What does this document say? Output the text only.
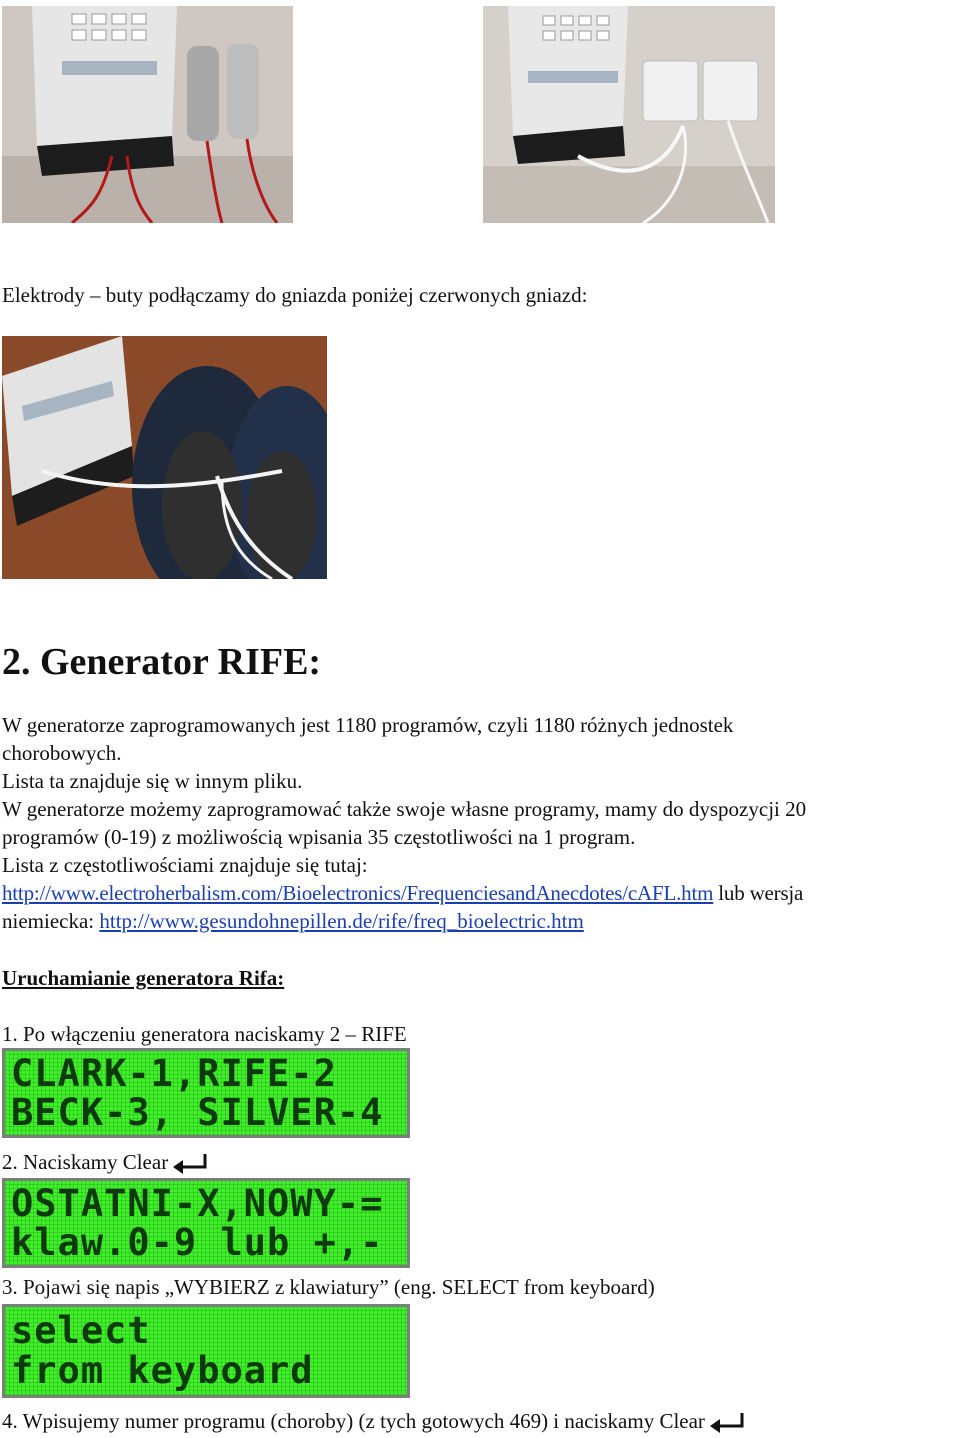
Elektrody – buty podłączamy do gniazda poniżej czerwonych gniazd:
2. Generator RIFE:
W generatorze zaprogramowanych jest 1180 programów, czyli 1180 różnych jednostek
chorobowych.
Lista ta znajduje się w innym pliku.
W generatorze możemy zaprogramować także swoje własne programy, mamy do dyspozycji 20
programów (0-19) z możliwością wpisania 35 częstotliwości na 1 program.
Lista z częstotliwościami znajduje się tutaj:
http://www.electroherbalism.com/Bioelectronics/FrequenciesandAnecdotes/cAFL.htm lub wersja
niemiecka: http://www.gesundohnepillen.de/rife/freq_bioelectric.htm
Uruchamianie generatora Rifa:
1. Po włączeniu generatora naciskamy 2 – RIFE
CLARK-1,RIFE-2
BECK-3, SILVER-4
2. Naciskamy Clear
OSTATNI-X,NOWY-=
klaw.0-9 lub +,-
3. Pojawi się napis „WYBIERZ z klawiatury” (eng. SELECT from keyboard)
select
from keyboard
4. Wpisujemy numer programu (choroby) (z tych gotowych 469) i naciskamy Clear
